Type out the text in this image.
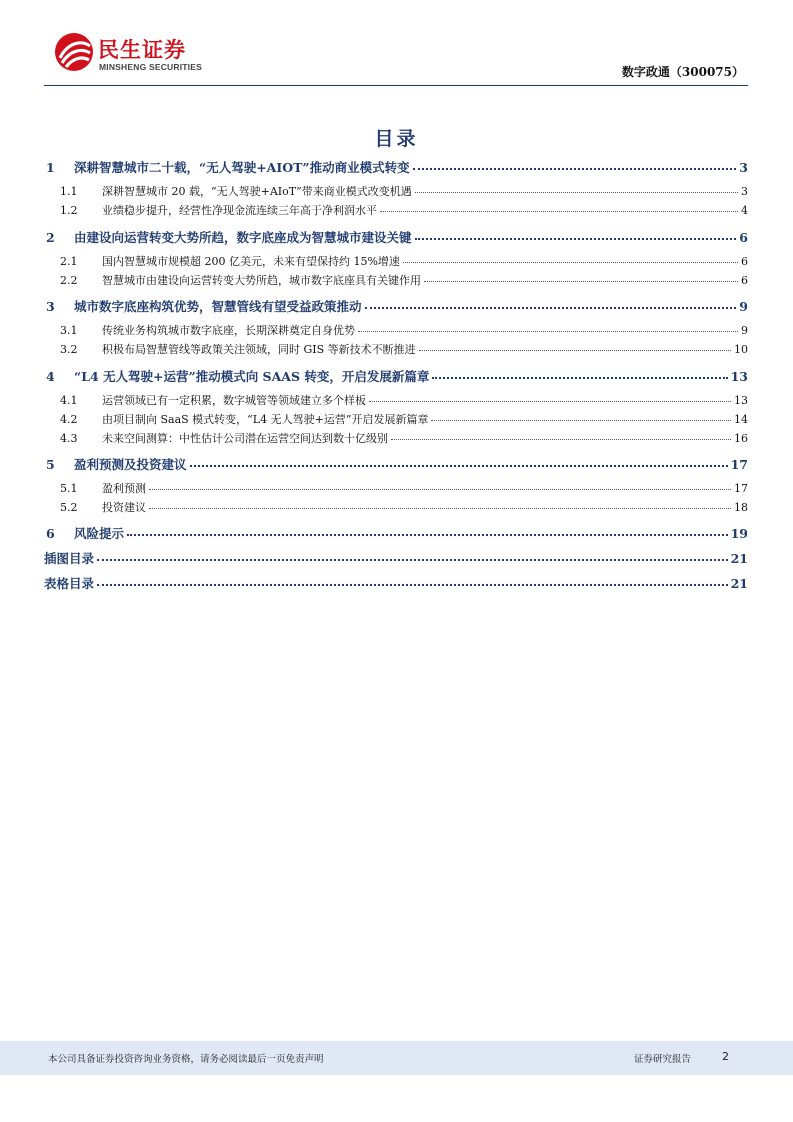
民生证券
MINSHENG SECURITIES	数字政通（300075）
目录
1	深耕智慧城市二十载，“无人驾驶+AIOT”推动商业模式转变	3
1.1	深耕智慧城市 20 载，“无人驾驶+AIoT”带来商业模式改变机遇	3
1.2	业绩稳步提升，经营性净现金流连续三年高于净利润水平	4
2	由建设向运营转变大势所趋，数字底座成为智慧城市建设关键	6
2.1	国内智慧城市规模超 200 亿美元，未来有望保持约 15%增速	6
2.2	智慧城市由建设向运营转变大势所趋，城市数字底座具有关键作用	6
3	城市数字底座构筑优势，智慧管线有望受益政策推动	9
3.1	传统业务构筑城市数字底座，长期深耕奠定自身优势	9
3.2	积极布局智慧管线等政策关注领域，同时 GIS 等新技术不断推进	10
4	“L4 无人驾驶+运营”推动模式向 SAAS 转变，开启发展新篇章	13
4.1	运营领域已有一定积累，数字城管等领域建立多个样板	13
4.2	由项目制向 SaaS 模式转变，“L4 无人驾驶+运营”开启发展新篇章	14
4.3	未来空间测算：中性估计公司潜在运营空间达到数十亿级别	16
5	盈利预测及投资建议	17
5.1	盈利预测	17
5.2	投资建议	18
6	风险提示	19
插图目录	21
表格目录	21
本公司具备证券投资咨询业务资格，请务必阅读最后一页免责声明	证券研究报告	2
